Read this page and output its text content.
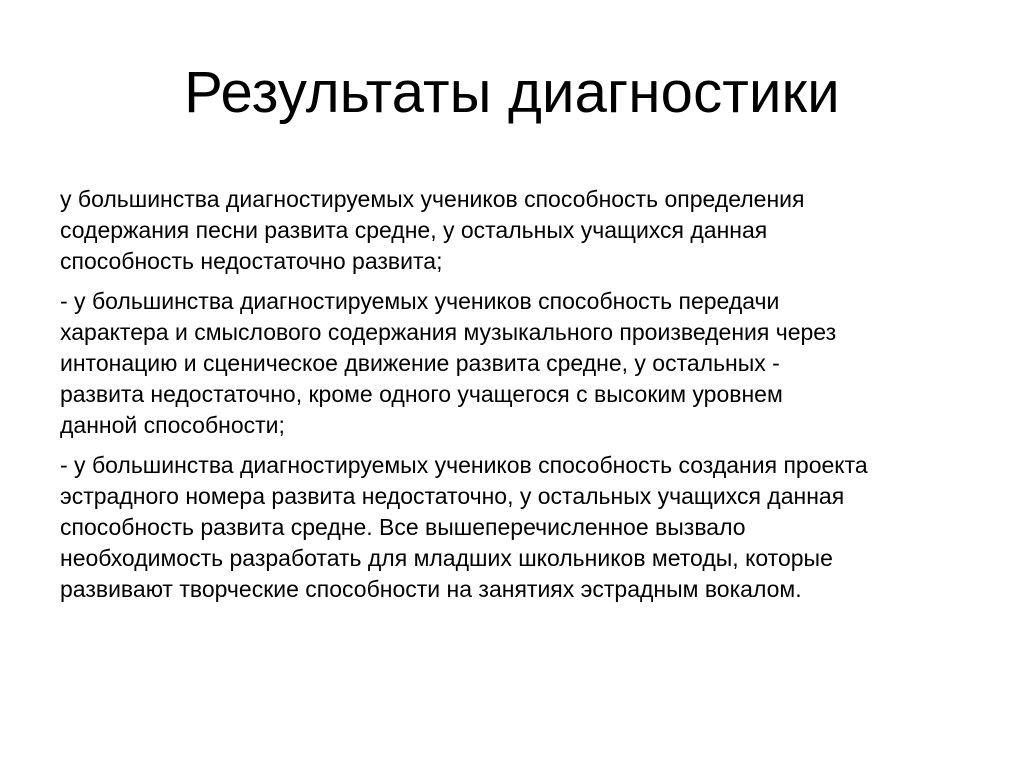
Результаты диагностики

у большинства диагностируемых учеников способность определения
содержания песни развита средне, у остальных учащихся данная
способность недостаточно развита;

- у большинства диагностируемых учеников способность передачи
характера и смыслового содержания музыкального произведения через
интонацию и сценическое движение развита средне, у остальных -
развита недостаточно, кроме одного учащегося с высоким уровнем
данной способности;

- у большинства диагностируемых учеников способность создания проекта
эстрадного номера развита недостаточно, у остальных учащихся данная
способность развита средне. Все вышеперечисленное вызвало
необходимость разработать для младших школьников методы, которые
развивают творческие способности на занятиях эстрадным вокалом.
